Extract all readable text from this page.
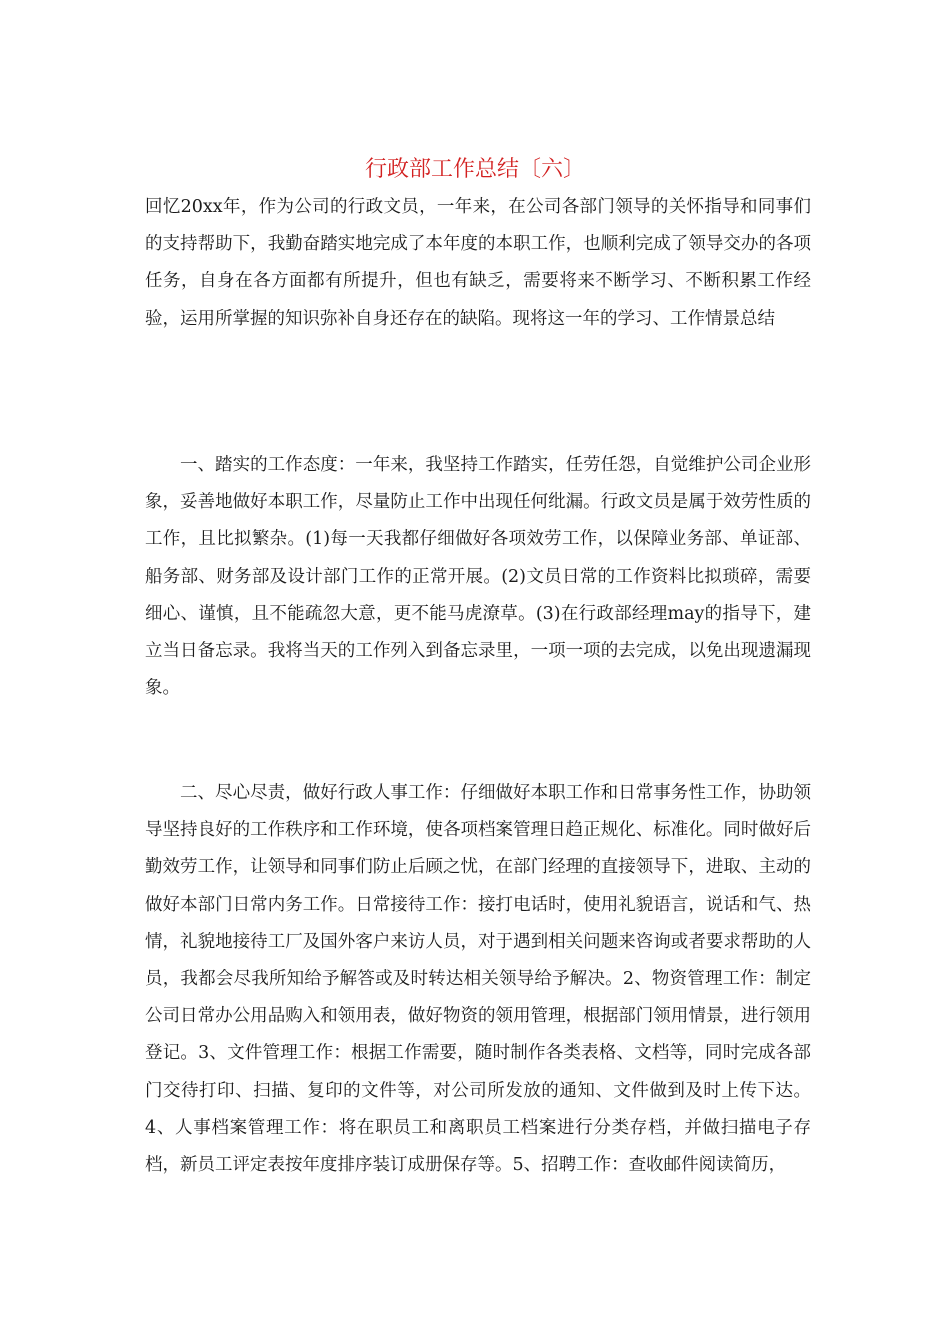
行政部工作总结〔六〕

回忆20xx年，作为公司的行政文员，一年来，在公司各部门领导的关怀指导和同事们的支持帮助下，我勤奋踏实地完成了本年度的本职工作，也顺利完成了领导交办的各项任务，自身在各方面都有所提升，但也有缺乏，需要将来不断学习、不断积累工作经验，运用所掌握的知识弥补自身还存在的缺陷。现将这一年的学习、工作情景总结

一、踏实的工作态度：一年来，我坚持工作踏实，任劳任怨，自觉维护公司企业形象，妥善地做好本职工作，尽量防止工作中出现任何纰漏。行政文员是属于效劳性质的工作，且比拟繁杂。(1)每一天我都仔细做好各项效劳工作，以保障业务部、单证部、船务部、财务部及设计部门工作的正常开展。(2)文员日常的工作资料比拟琐碎，需要细心、谨慎，且不能疏忽大意，更不能马虎潦草。(3)在行政部经理may的指导下，建立当日备忘录。我将当天的工作列入到备忘录里，一项一项的去完成，以免出现遗漏现象。

二、尽心尽责，做好行政人事工作：仔细做好本职工作和日常事务性工作，协助领导坚持良好的工作秩序和工作环境，使各项档案管理日趋正规化、标准化。同时做好后勤效劳工作，让领导和同事们防止后顾之忧，在部门经理的直接领导下，进取、主动的做好本部门日常内务工作。日常接待工作：接打电话时，使用礼貌语言，说话和气、热情，礼貌地接待工厂及国外客户来访人员，对于遇到相关问题来咨询或者要求帮助的人员，我都会尽我所知给予解答或及时转达相关领导给予解决。2、物资管理工作：制定公司日常办公用品购入和领用表，做好物资的领用管理，根据部门领用情景，进行领用登记。3、文件管理工作：根据工作需要，随时制作各类表格、文档等，同时完成各部门交待打印、扫描、复印的文件等，对公司所发放的通知、文件做到及时上传下达。4、人事档案管理工作：将在职员工和离职员工档案进行分类存档，并做扫描电子存档，新员工评定表按年度排序装订成册保存等。5、招聘工作：查收邮件阅读简历，
